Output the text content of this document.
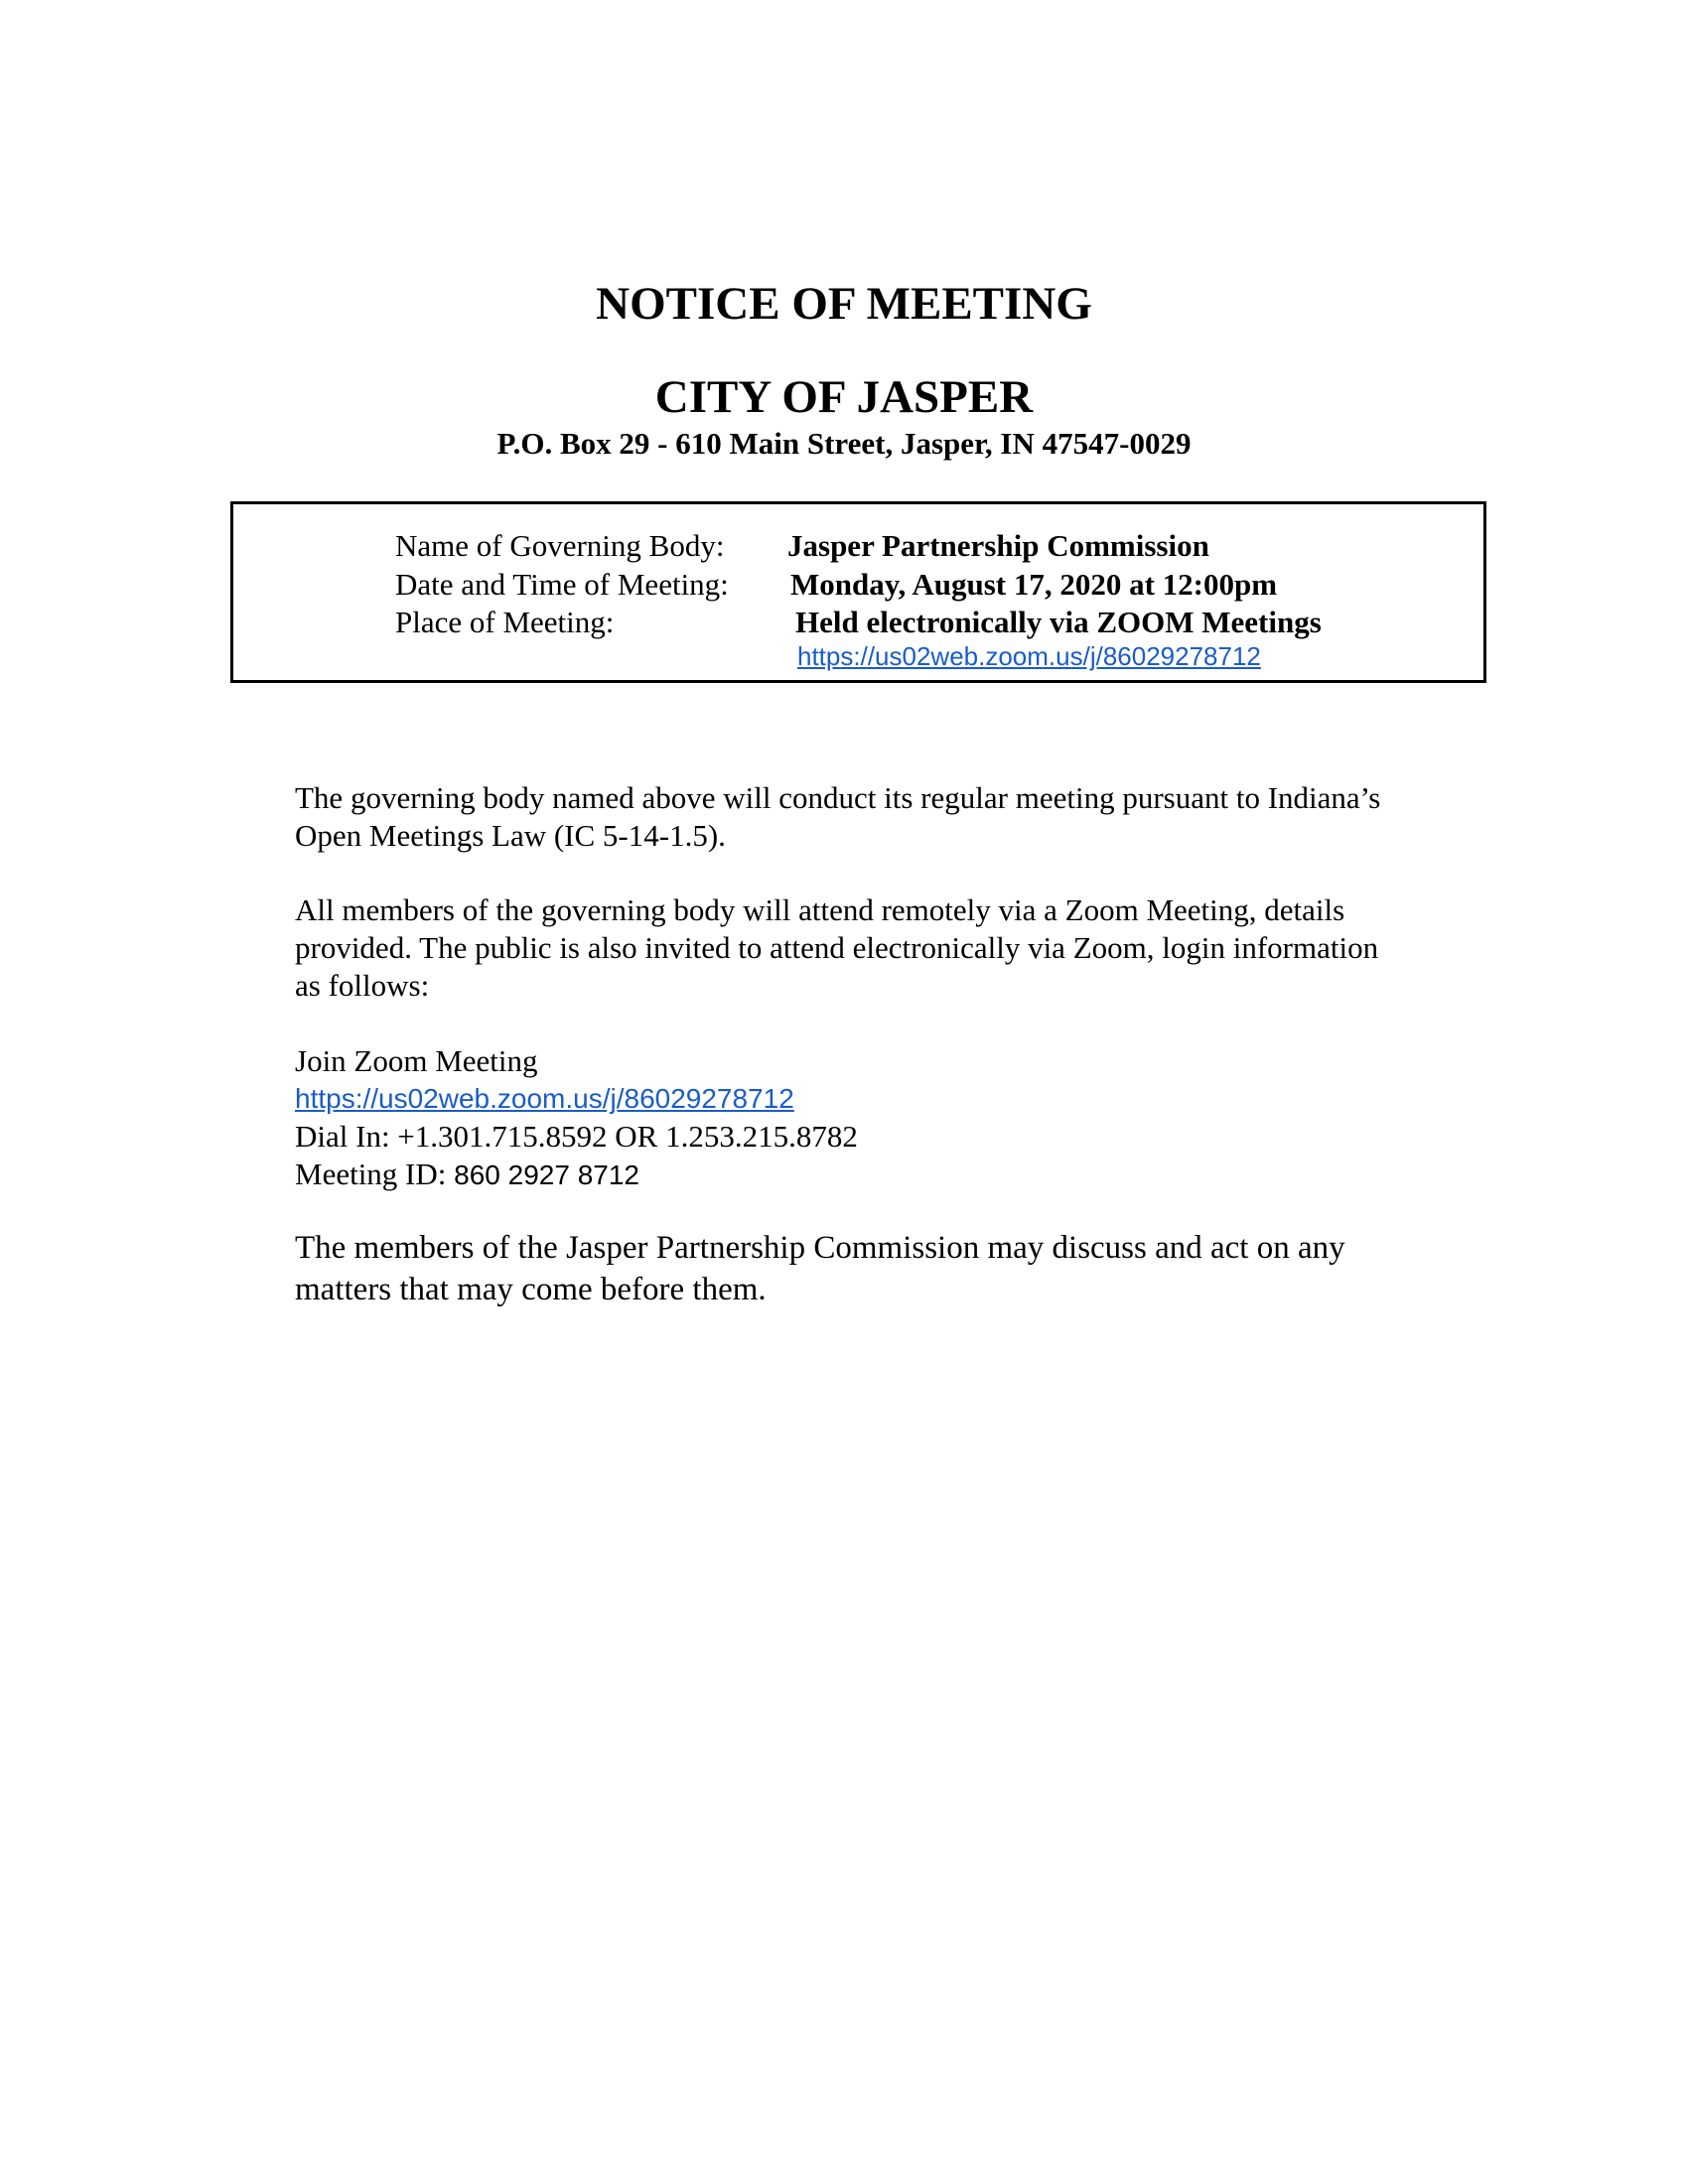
NOTICE OF MEETING
CITY OF JASPER
P.O. Box 29 - 610 Main Street, Jasper, IN 47547-0029
Name of Governing Body: Jasper Partnership Commission
Date and Time of Meeting: Monday, August 17, 2020 at 12:00pm
Place of Meeting:	Held electronically via ZOOM Meetings
https://us02web.zoom.us/j/86029278712
The governing body named above will conduct its regular meeting pursuant to Indiana’s
Open Meetings Law (IC 5-14-1.5).
All members of the governing body will attend remotely via a Zoom Meeting, details
provided. The public is also invited to attend electronically via Zoom, login information
as follows:
Join Zoom Meeting
https://us02web.zoom.us/j/86029278712
Dial In: +1.301.715.8592 OR 1.253.215.8782
Meeting ID: 860 2927 8712
The members of the Jasper Partnership Commission may discuss and act on any
matters that may come before them.
